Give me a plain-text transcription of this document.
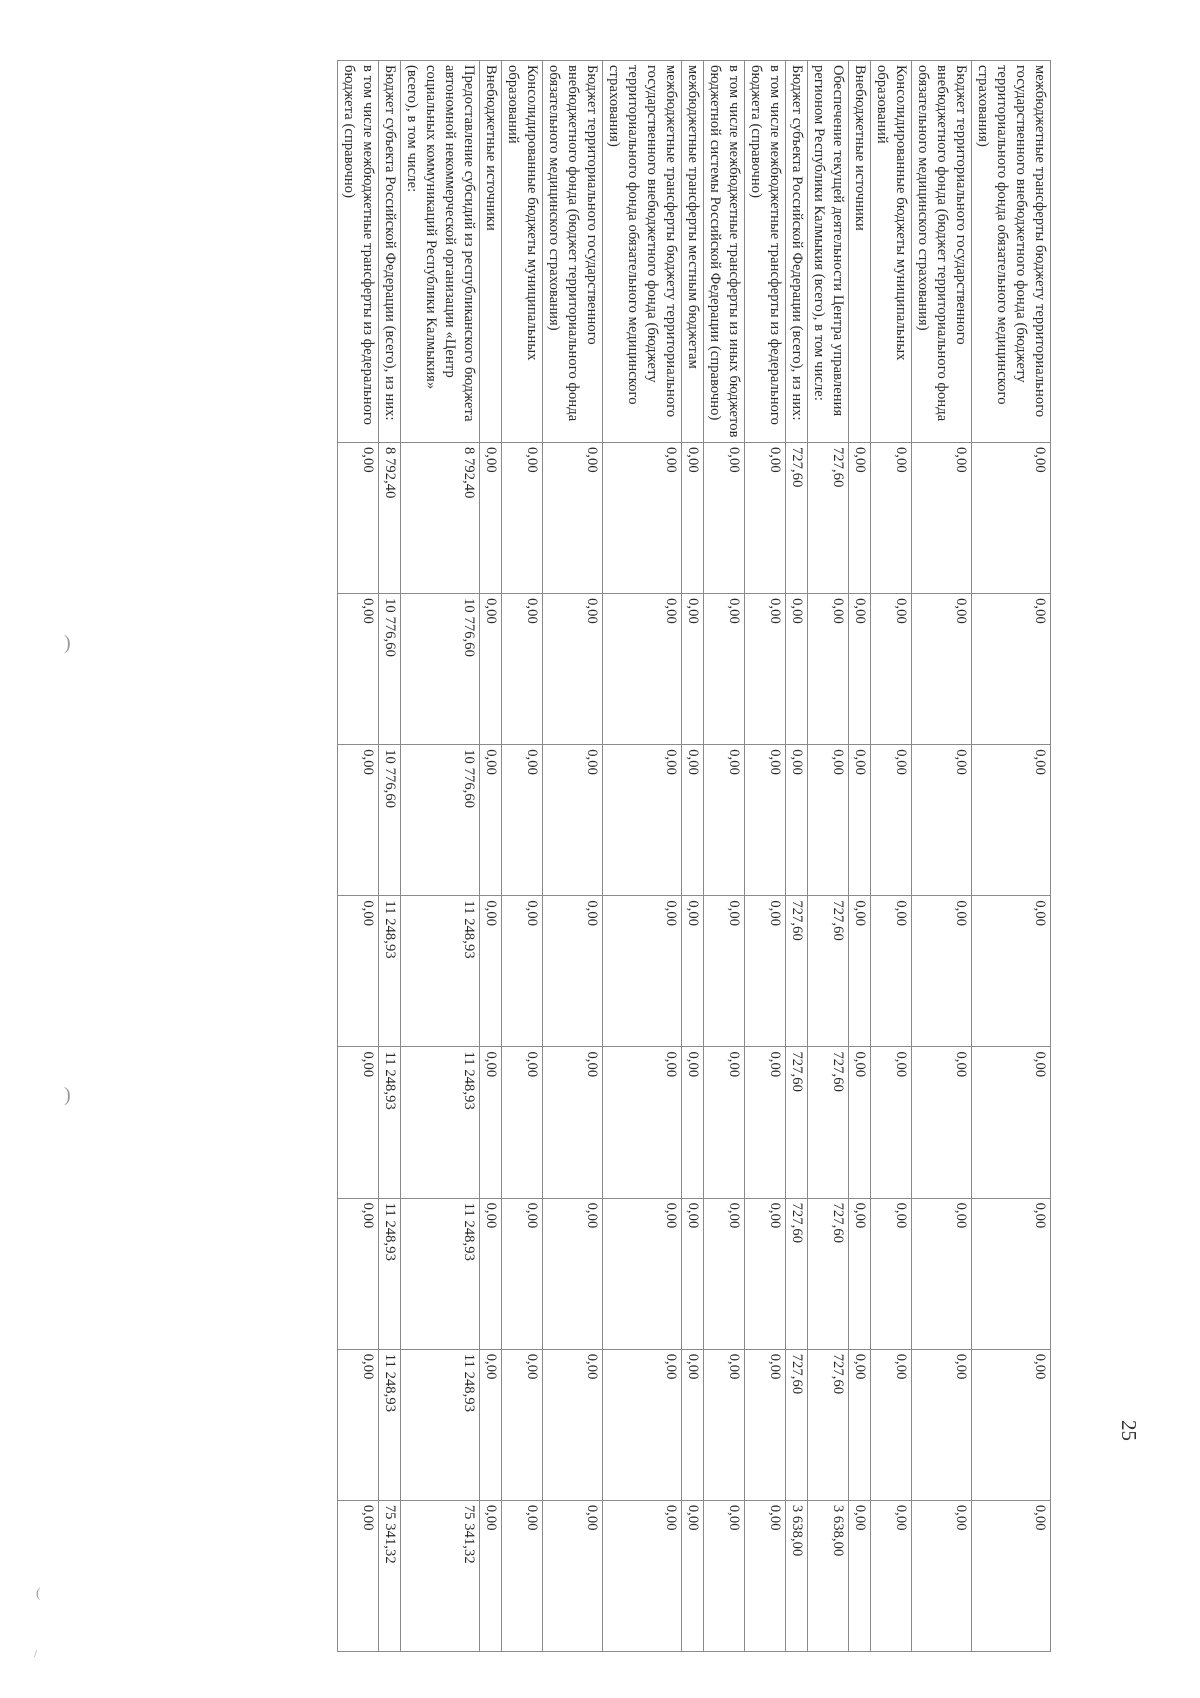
межбюджетные трансферты бюджету территориального государственного внебюджетного фонда (бюджету территориального фонда обязательного медицинского страхования)	0,00	0,00	0,00	0,00	0,00	0,00	0,00	0,00
Бюджет территориального государственного внебюджетного фонда (бюджет территориального фонда обязательного медицинского страхования)	0,00	0,00	0,00	0,00	0,00	0,00	0,00	0,00
Консолидированные бюджеты муниципальных образований	0,00	0,00	0,00	0,00	0,00	0,00	0,00	0,00
Внебюджетные источники	0,00	0,00	0,00	0,00	0,00	0,00	0,00	0,00
Обеспечение текущей деятельности Центра управления регионом Республики Калмыкия (всего), в том числе:	727,60	0,00	0,00	727,60	727,60	727,60	727,60	3 638,00
Бюджет субъекта Российской Федерации (всего), из них:	727,60	0,00	0,00	727,60	727,60	727,60	727,60	3 638,00
в том числе межбюджетные трансферты из федерального бюджета (справочно)	0,00	0,00	0,00	0,00	0,00	0,00	0,00	0,00
в том числе межбюджетные трансферты из иных бюджетов бюджетной системы Российской Федерации (справочно)	0,00	0,00	0,00	0,00	0,00	0,00	0,00	0,00
межбюджетные трансферты местным бюджетам	0,00	0,00	0,00	0,00	0,00	0,00	0,00	0,00
межбюджетные трансферты бюджету территориального государственного внебюджетного фонда (бюджету территориального фонда обязательного медицинского страхования)	0,00	0,00	0,00	0,00	0,00	0,00	0,00	0,00
Бюджет территориального государственного внебюджетного фонда (бюджет территориального фонда обязательного медицинского страхования)	0,00	0,00	0,00	0,00	0,00	0,00	0,00	0,00
Консолидированные бюджеты муниципальных образований	0,00	0,00	0,00	0,00	0,00	0,00	0,00	0,00
Внебюджетные источники	0,00	0,00	0,00	0,00	0,00	0,00	0,00	0,00
Предоставление субсидий из республиканского бюджета автономной некоммерческой организации «Центр социальных коммуникаций Республики Калмыкия» (всего), в том числе:	8 792,40	10 776,60	10 776,60	11 248,93	11 248,93	11 248,93	11 248,93	75 341,32
Бюджет субъекта Российской Федерации (всего), из них:	8 792,40	10 776,60	10 776,60	11 248,93	11 248,93	11 248,93	11 248,93	75 341,32
в том числе межбюджетные трансферты из федерального бюджета (справочно)	0,00	0,00	0,00	0,00	0,00	0,00	0,00	0,00
)
)
(
/
25
